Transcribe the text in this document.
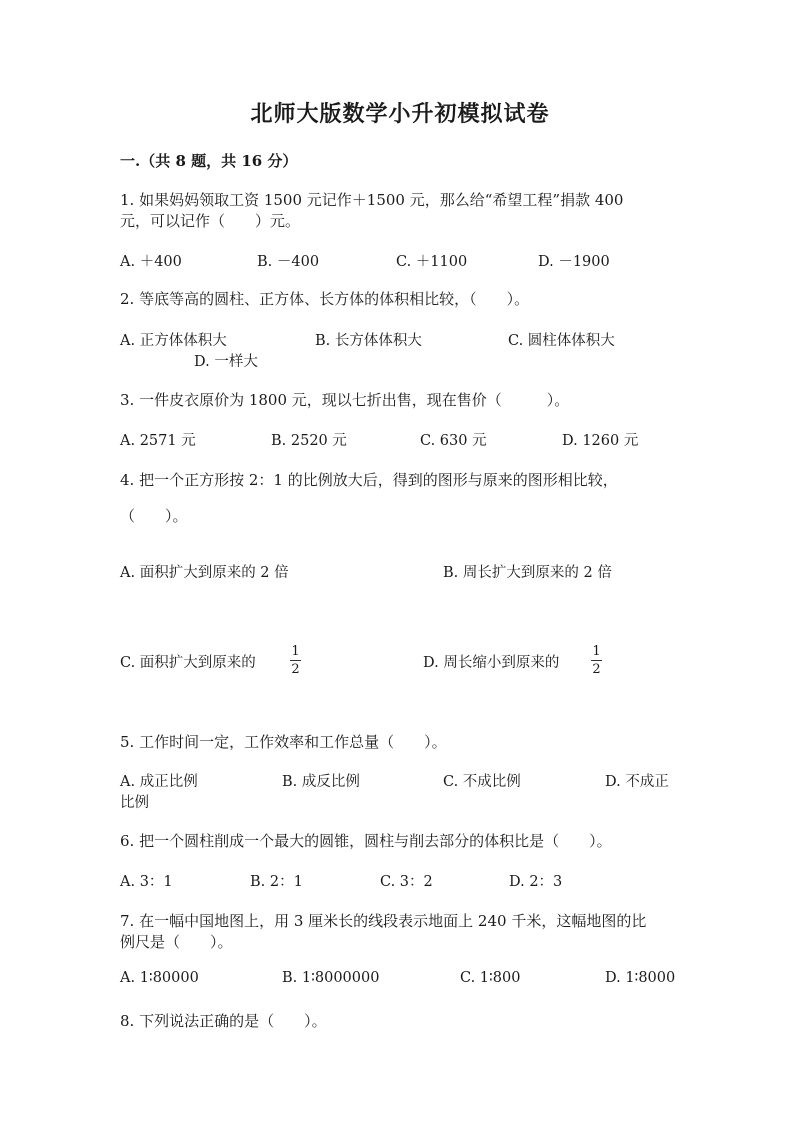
北师大版数学小升初模拟试卷
一.（共 8 题，共 16 分）
1. 如果妈妈领取工资 1500 元记作＋1500 元，那么给“希望工程”捐款 400
元，可以记作（　　）元。
A. ＋400	B. －400	C. ＋1100	D. －1900
2. 等底等高的圆柱、正方体、长方体的体积相比较，（　　）。
A. 正方体体积大	B. 长方体体积大	C. 圆柱体体积大
D. 一样大
3. 一件皮衣原价为 1800 元，现以七折出售，现在售价（　　　）。
A. 2571 元	B. 2520 元	C. 630 元	D. 1260 元
4. 把一个正方形按 2：1 的比例放大后，得到的图形与原来的图形相比较，
（　　）。
A. 面积扩大到原来的 2 倍	B. 周长扩大到原来的 2 倍
C. 面积扩大到原来的
1
2	D. 周长缩小到原来的
1
2
5. 工作时间一定，工作效率和工作总量（　　）。
A. 成正比例	B. 成反比例	C. 不成比例	D. 不成正
比例
6. 把一个圆柱削成一个最大的圆锥，圆柱与削去部分的体积比是（　　）。
A. 3：1	B. 2：1	C. 3：2	D. 2：3
7. 在一幅中国地图上，用 3 厘米长的线段表示地面上 240 千米，这幅地图的比
例尺是（　　）。
A. 1∶80000	B. 1∶8000000	C. 1∶800	D. 1∶8000
8. 下列说法正确的是（　　）。
